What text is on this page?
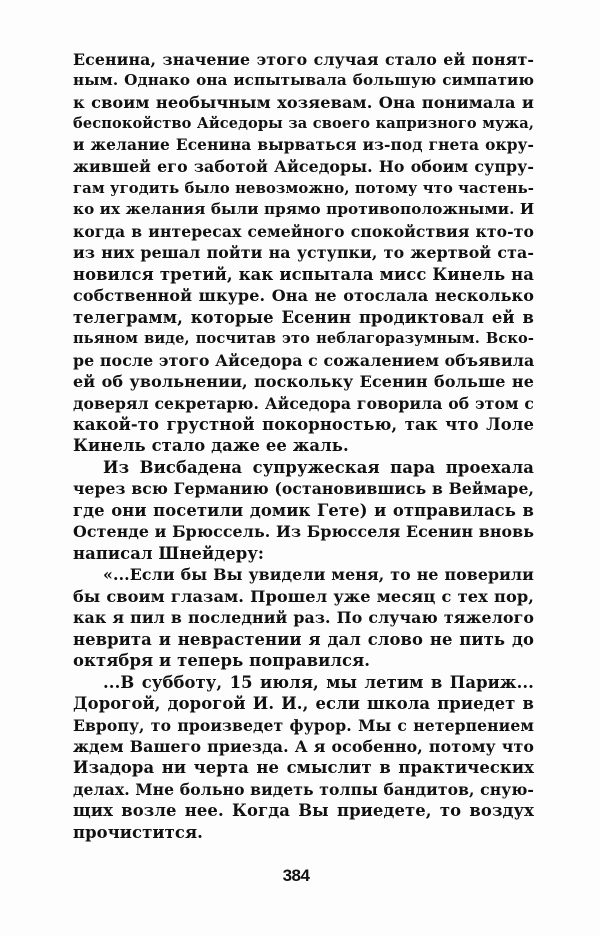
Есенина, значение этого случая стало ей понят-
ным. Однако она испытывала большую симпатию
к своим необычным хозяевам. Она понимала и
беспокойство Айседоры за своего капризного мужа,
и желание Есенина вырваться из-под гнета окру-
жившей его заботой Айседоры. Но обоим супру-
гам угодить было невозможно, потому что частень-
ко их желания были прямо противоположными. И
когда в интересах семейного спокойствия кто-то
из них решал пойти на уступки, то жертвой ста-
новился третий, как испытала мисс Кинель на
собственной шкуре. Она не отослала несколько
телеграмм, которые Есенин продиктовал ей в
пьяном виде, посчитав это неблагоразумным. Вско-
ре после этого Айседора с сожалением объявила
ей об увольнении, поскольку Есенин больше не
доверял секретарю. Айседора говорила об этом с
какой-то грустной покорностью, так что Лоле
Кинель стало даже ее жаль.
Из Висбадена супружеская пара проехала
через всю Германию (остановившись в Веймаре,
где они посетили домик Гете) и отправилась в
Остенде и Брюссель. Из Брюсселя Есенин вновь
написал Шнейдеру:
«...Если бы Вы увидели меня, то не поверили
бы своим глазам. Прошел уже месяц с тех пор,
как я пил в последний раз. По случаю тяжелого
неврита и неврастении я дал слово не пить до
октября и теперь поправился.
...В субботу, 15 июля, мы летим в Париж...
Дорогой, дорогой И. И., если школа приедет в
Европу, то произведет фурор. Мы с нетерпением
ждем Вашего приезда. А я особенно, потому что
Изадора ни черта не смыслит в практических
делах. Мне больно видеть толпы бандитов, сную-
щих возле нее. Когда Вы приедете, то воздух
прочистится.
384
